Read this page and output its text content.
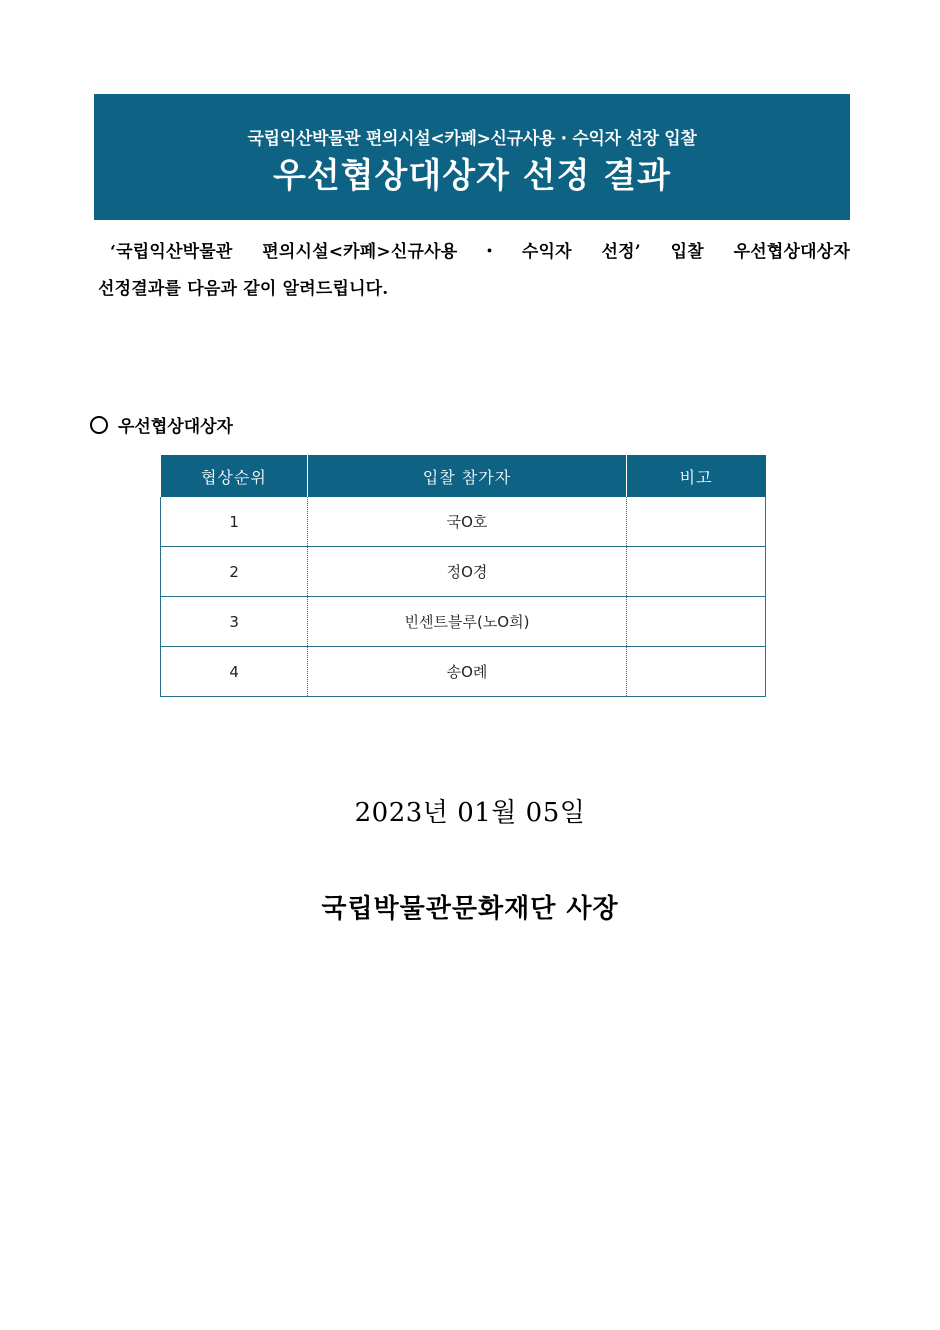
국립익산박물관 편의시설<카페>신규사용 · 수익자 선장 입찰
우선협상대상자 선정 결과
‘국립익산박물관 편의시설<카페>신규사용・수익자 선정’ 입찰 우선협상대상자
선정결과를 다음과 같이 알려드립니다.
우선협상대상자
협상순위	입찰 참가자	비고
1	국O호	
2	정O경	
3	빈센트블루(노O희)	
4	송O례	
2023년 01월 05일
국립박물관문화재단 사장
